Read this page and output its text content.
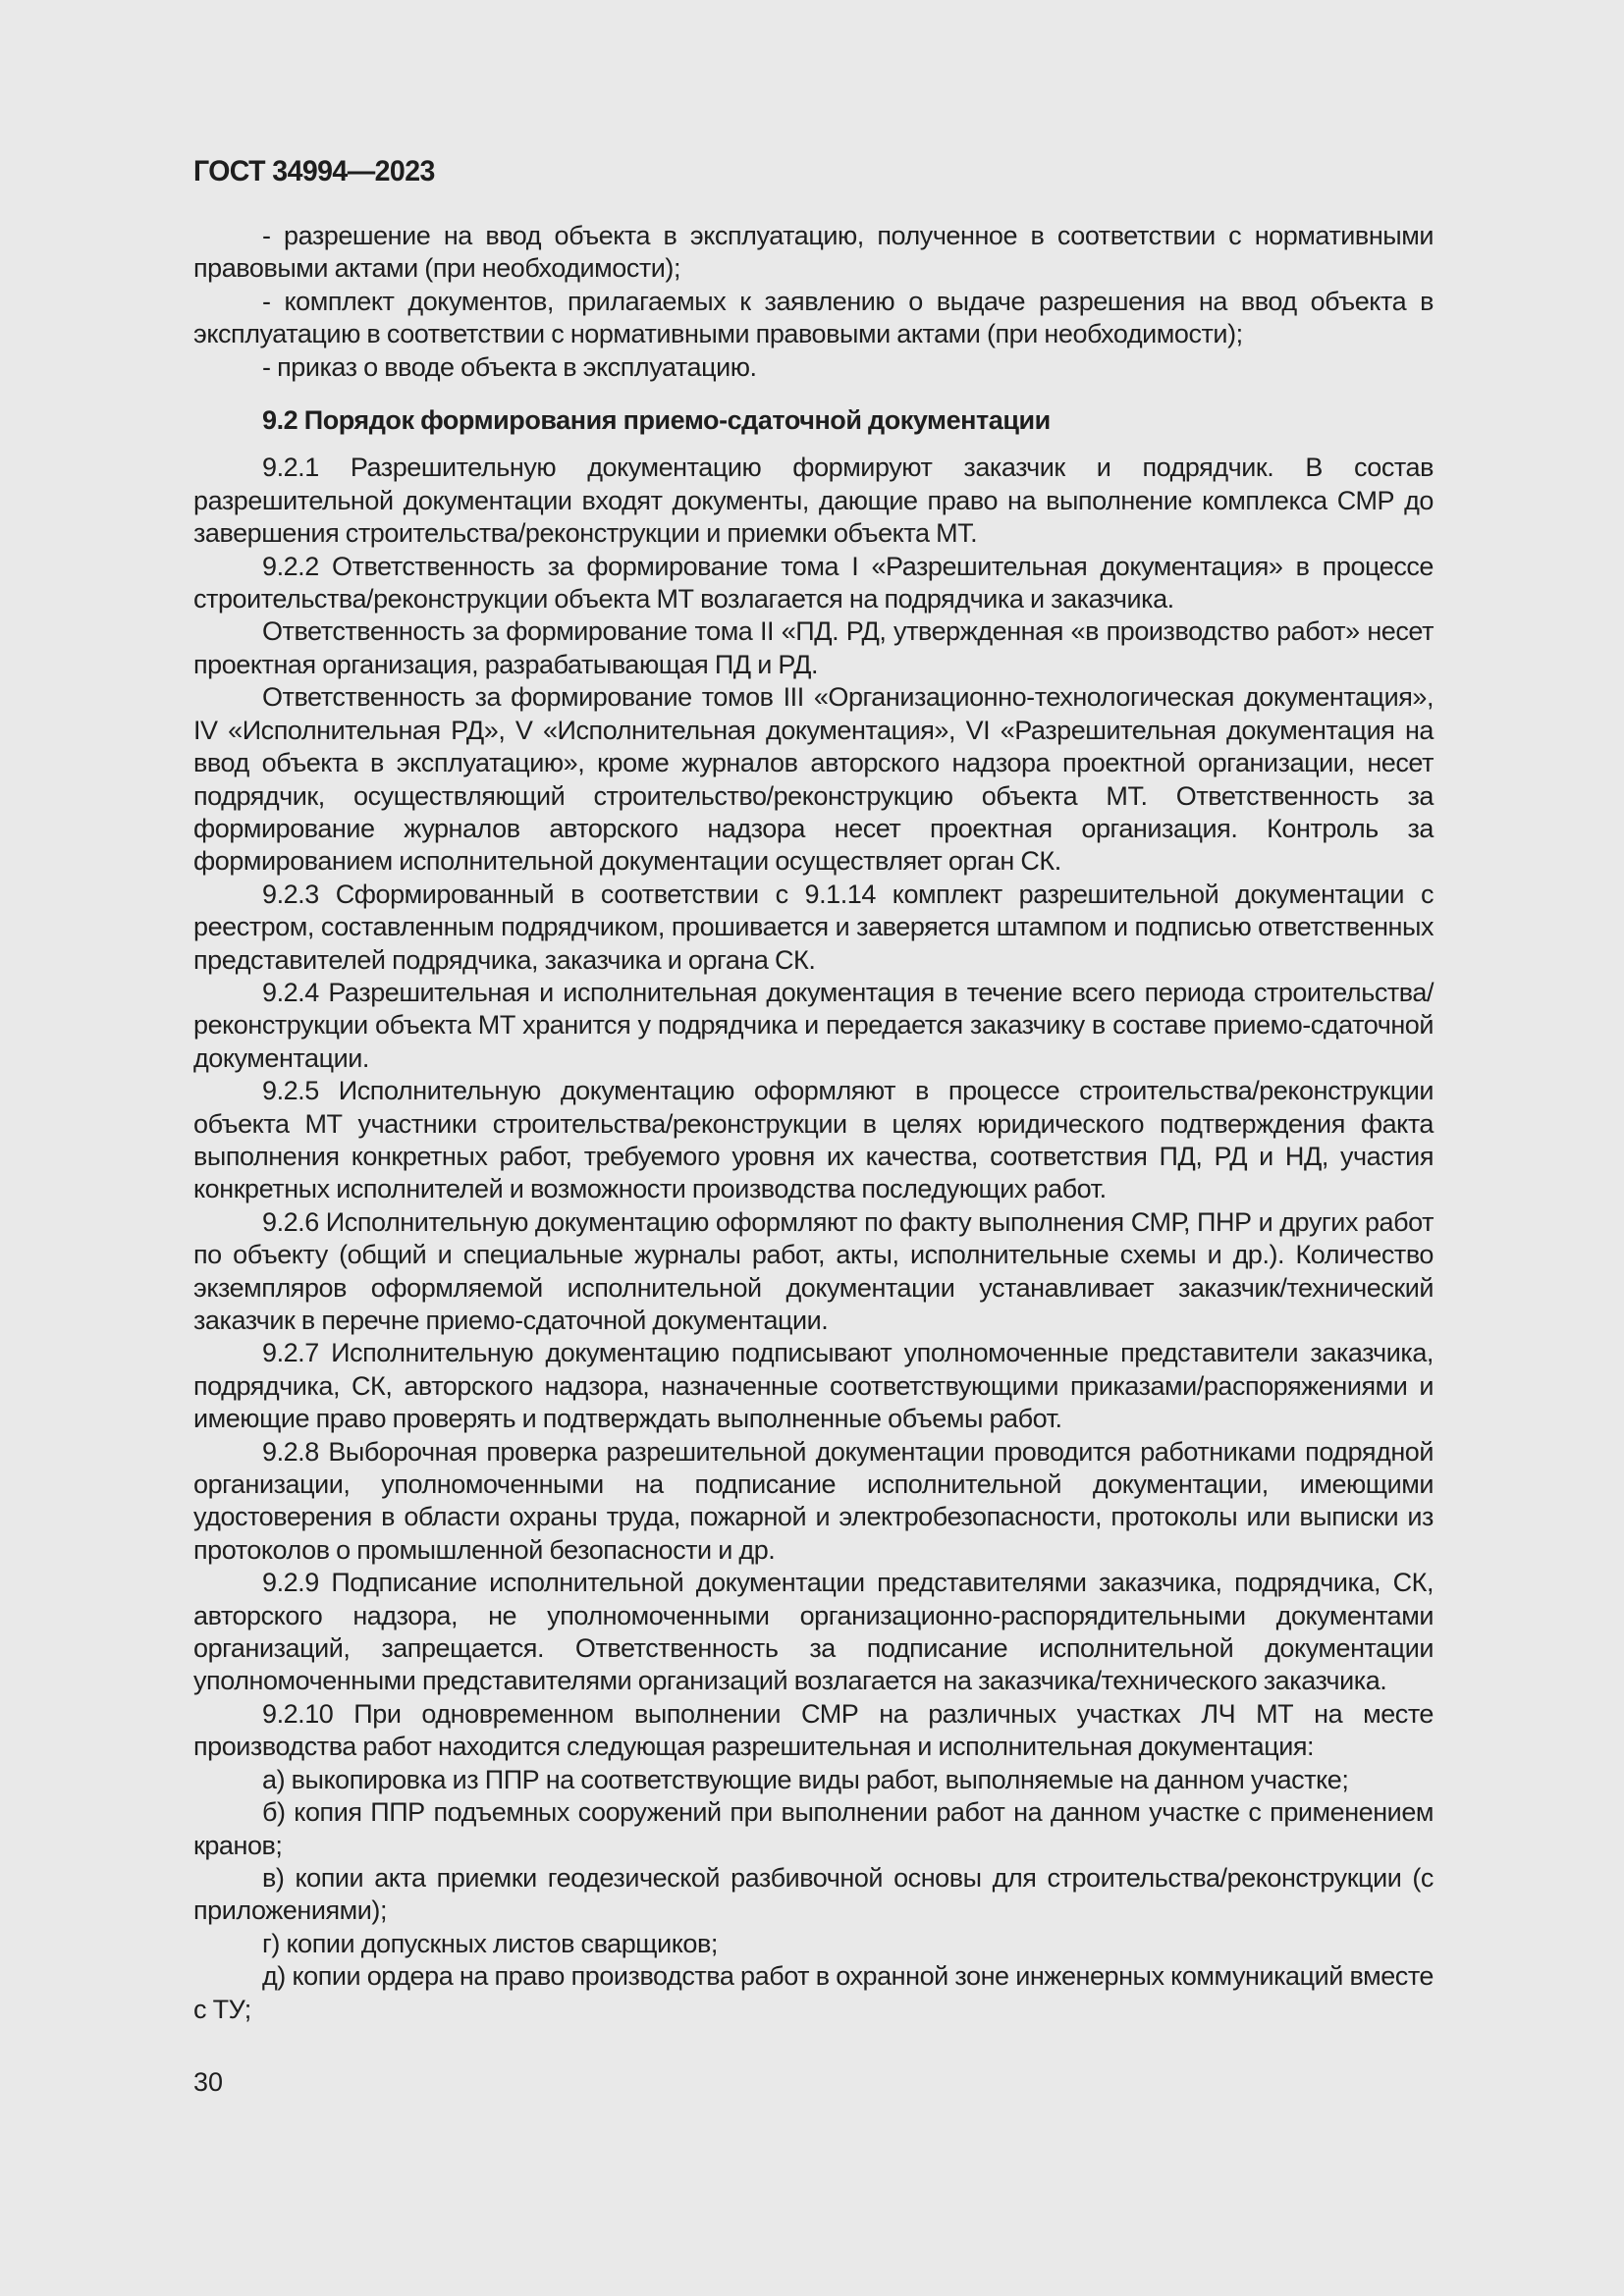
ГОСТ 34994—2023

- разрешение на ввод объекта в эксплуатацию, полученное в соответствии с нормативными правовыми актами (при необходимости);

- комплект документов, прилагаемых к заявлению о выдаче разрешения на ввод объекта в эксплуатацию в соответствии с нормативными правовыми актами (при необходимости);

- приказ о вводе объекта в эксплуатацию.

9.2 Порядок формирования приемо-сдаточной документации

9.2.1 Разрешительную документацию формируют заказчик и подрядчик. В состав разрешительной документации входят документы, дающие право на выполнение комплекса СМР до завершения строительства/реконструкции и приемки объекта МТ.

9.2.2 Ответственность за формирование тома I «Разрешительная документация» в процессе строительства/реконструкции объекта МТ возлагается на подрядчика и заказчика.

Ответственность за формирование тома II «ПД. РД, утвержденная «в производство работ» несет проектная организация, разрабатывающая ПД и РД.

Ответственность за формирование томов III «Организационно-технологическая документация», IV «Исполнительная РД», V «Исполнительная документация», VI «Разрешительная документация на ввод объекта в эксплуатацию», кроме журналов авторского надзора проектной организации, несет подрядчик, осуществляющий строительство/реконструкцию объекта МТ. Ответственность за формирование журналов авторского надзора несет проектная организация. Контроль за формированием исполнительной документации осуществляет орган СК.

9.2.3 Сформированный в соответствии с 9.1.14 комплект разрешительной документации с реестром, составленным подрядчиком, прошивается и заверяется штампом и подписью ответственных представителей подрядчика, заказчика и органа СК.

9.2.4 Разрешительная и исполнительная документация в течение всего периода строительства/реконструкции объекта МТ хранится у подрядчика и передается заказчику в составе приемо-сдаточной документации.

9.2.5 Исполнительную документацию оформляют в процессе строительства/реконструкции объекта МТ участники строительства/реконструкции в целях юридического подтверждения факта выполнения конкретных работ, требуемого уровня их качества, соответствия ПД, РД и НД, участия конкретных исполнителей и возможности производства последующих работ.

9.2.6 Исполнительную документацию оформляют по факту выполнения СМР, ПНР и других работ по объекту (общий и специальные журналы работ, акты, исполнительные схемы и др.). Количество экземпляров оформляемой исполнительной документации устанавливает заказчик/технический заказчик в перечне приемо-сдаточной документации.

9.2.7 Исполнительную документацию подписывают уполномоченные представители заказчика, подрядчика, СК, авторского надзора, назначенные соответствующими приказами/распоряжениями и имеющие право проверять и подтверждать выполненные объемы работ.

9.2.8 Выборочная проверка разрешительной документации проводится работниками подрядной организации, уполномоченными на подписание исполнительной документации, имеющими удостоверения в области охраны труда, пожарной и электробезопасности, протоколы или выписки из протоколов о промышленной безопасности и др.

9.2.9 Подписание исполнительной документации представителями заказчика, подрядчика, СК, авторского надзора, не уполномоченными организационно-распорядительными документами организаций, запрещается. Ответственность за подписание исполнительной документации уполномоченными представителями организаций возлагается на заказчика/технического заказчика.

9.2.10 При одновременном выполнении СМР на различных участках ЛЧ МТ на месте производства работ находится следующая разрешительная и исполнительная документация:

а) выкопировка из ППР на соответствующие виды работ, выполняемые на данном участке;

б) копия ППР подъемных сооружений при выполнении работ на данном участке с применением кранов;

в) копии акта приемки геодезической разбивочной основы для строительства/реконструкции (с приложениями);

г) копии допускных листов сварщиков;

д) копии ордера на право производства работ в охранной зоне инженерных коммуникаций вместе с ТУ;

30
